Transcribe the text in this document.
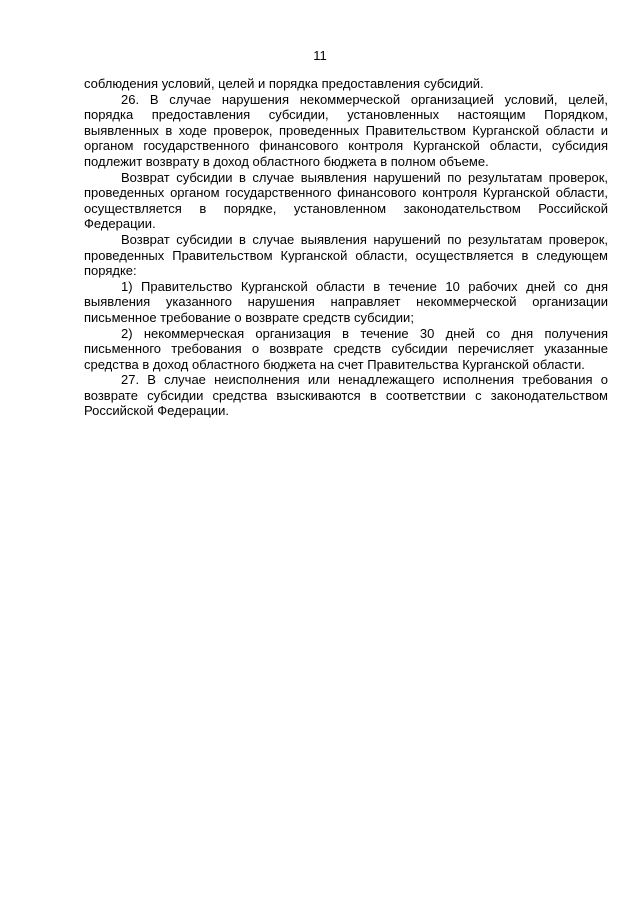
11

соблюдения условий, целей и порядка предоставления субсидий.

26. В случае нарушения некоммерческой организацией условий, целей, порядка предоставления субсидии, установленных настоящим Порядком, выявленных в ходе проверок, проведенных Правительством Курганской области и органом государственного финансового контроля Курганской области, субсидия подлежит возврату в доход областного бюджета в полном объеме.

Возврат субсидии в случае выявления нарушений по результатам проверок, проведенных органом государственного финансового контроля Курганской области, осуществляется в порядке, установленном законодательством Российской Федерации.

Возврат субсидии в случае выявления нарушений по результатам проверок, проведенных Правительством Курганской области, осуществляется в следующем порядке:

1) Правительство Курганской области в течение 10 рабочих дней со дня выявления указанного нарушения направляет некоммерческой организации письменное требование о возврате средств субсидии;

2) некоммерческая организация в течение 30 дней со дня получения письменного требования о возврате средств субсидии перечисляет указанные средства в доход областного бюджета на счет Правительства Курганской области.

27. В случае неисполнения или ненадлежащего исполнения требования о возврате субсидии средства взыскиваются в соответствии с законодательством Российской Федерации.
